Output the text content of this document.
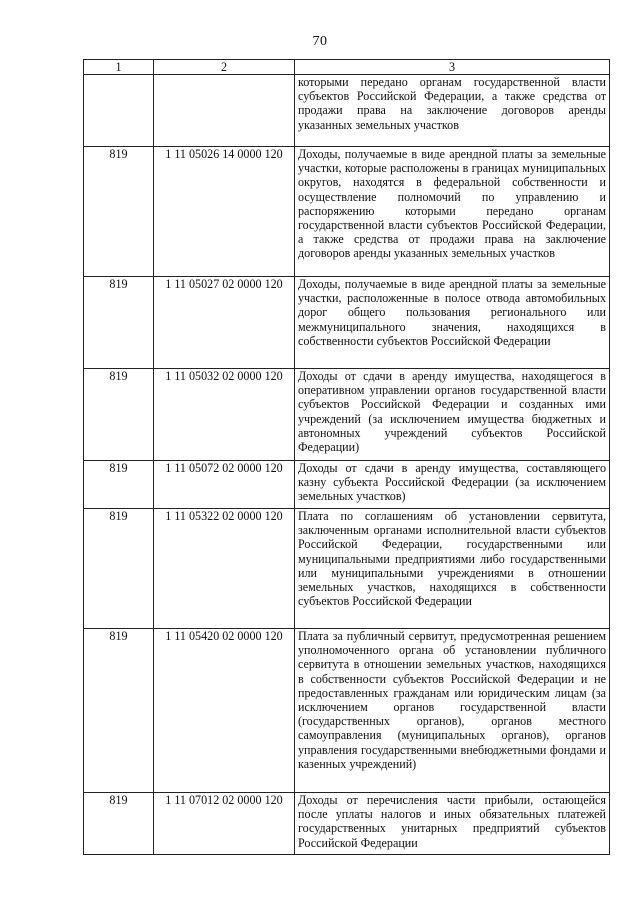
70
1	2	3
		которыми передано органам государственной власти субъектов Российской Федерации, а также средства от продажи права на заключение договоров аренды указанных земельных участков
819	1 11 05026 14 0000 120	Доходы, получаемые в виде арендной платы за земельные участки, которые расположены в границах муниципальных округов, находятся в федеральной собственности и осуществление полномочий по управлению и распоряжению которыми передано органам государственной власти субъектов Российской Федерации, а также средства от продажи права на заключение договоров аренды указанных земельных участков
819	1 11 05027 02 0000 120	Доходы, получаемые в виде арендной платы за земельные участки, расположенные в полосе отвода автомобильных дорог общего пользования регионального или межмуниципального значения, находящихся в собственности субъектов Российской Федерации
819	1 11 05032 02 0000 120	Доходы от сдачи в аренду имущества, находящегося в оперативном управлении органов государственной власти субъектов Российской Федерации и созданных ими учреждений (за исключением имущества бюджетных и автономных учреждений субъектов Российской Федерации)
819	1 11 05072 02 0000 120	Доходы от сдачи в аренду имущества, составляющего казну субъекта Российской Федерации (за исключением земельных участков)
819	1 11 05322 02 0000 120	Плата по соглашениям об установлении сервитута, заключенным органами исполнительной власти субъектов Российской Федерации, государственными или муниципальными предприятиями либо государственными или муниципальными учреждениями в отношении земельных участков, находящихся в собственности субъектов Российской Федерации
819	1 11 05420 02 0000 120	Плата за публичный сервитут, предусмотренная решением уполномоченного органа об установлении публичного сервитута в отношении земельных участков, находящихся в собственности субъектов Российской Федерации и не предоставленных гражданам или юридическим лицам (за исключением органов государственной власти (государственных органов), органов местного самоуправления (муниципальных органов), органов управления государственными внебюджетными фондами и казенных учреждений)
819	1 11 07012 02 0000 120	Доходы от перечисления части прибыли, остающейся после уплаты налогов и иных обязательных платежей государственных унитарных предприятий субъектов Российской Федерации
